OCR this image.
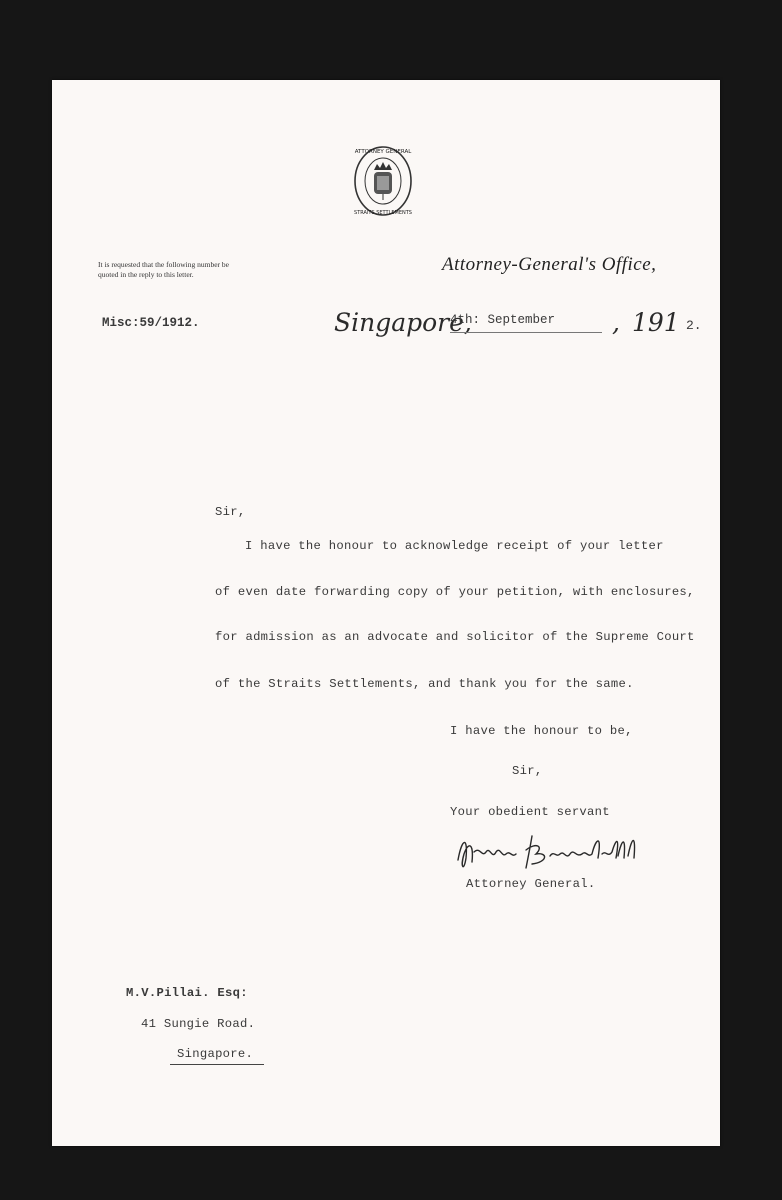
ATTORNEY GENERAL
STRAITS SETTLEMENTS
It is requested that the following number be quoted in the reply to this letter.	Attorney-General's Office,
Misc:59/1912.	Singapore,
4th: September , 191 2.
Sir,
I have the honour to acknowledge receipt of your letter
of even date forwarding copy of your petition, with enclosures,
for admission as an advocate and solicitor of the Supreme Court
of the Straits Settlements, and thank you for the same.
I have the honour to be,
Sir,
Your obedient servant
Attorney General.
M.V.Pillai. Esq:
41 Sungie Road.
Singapore.
